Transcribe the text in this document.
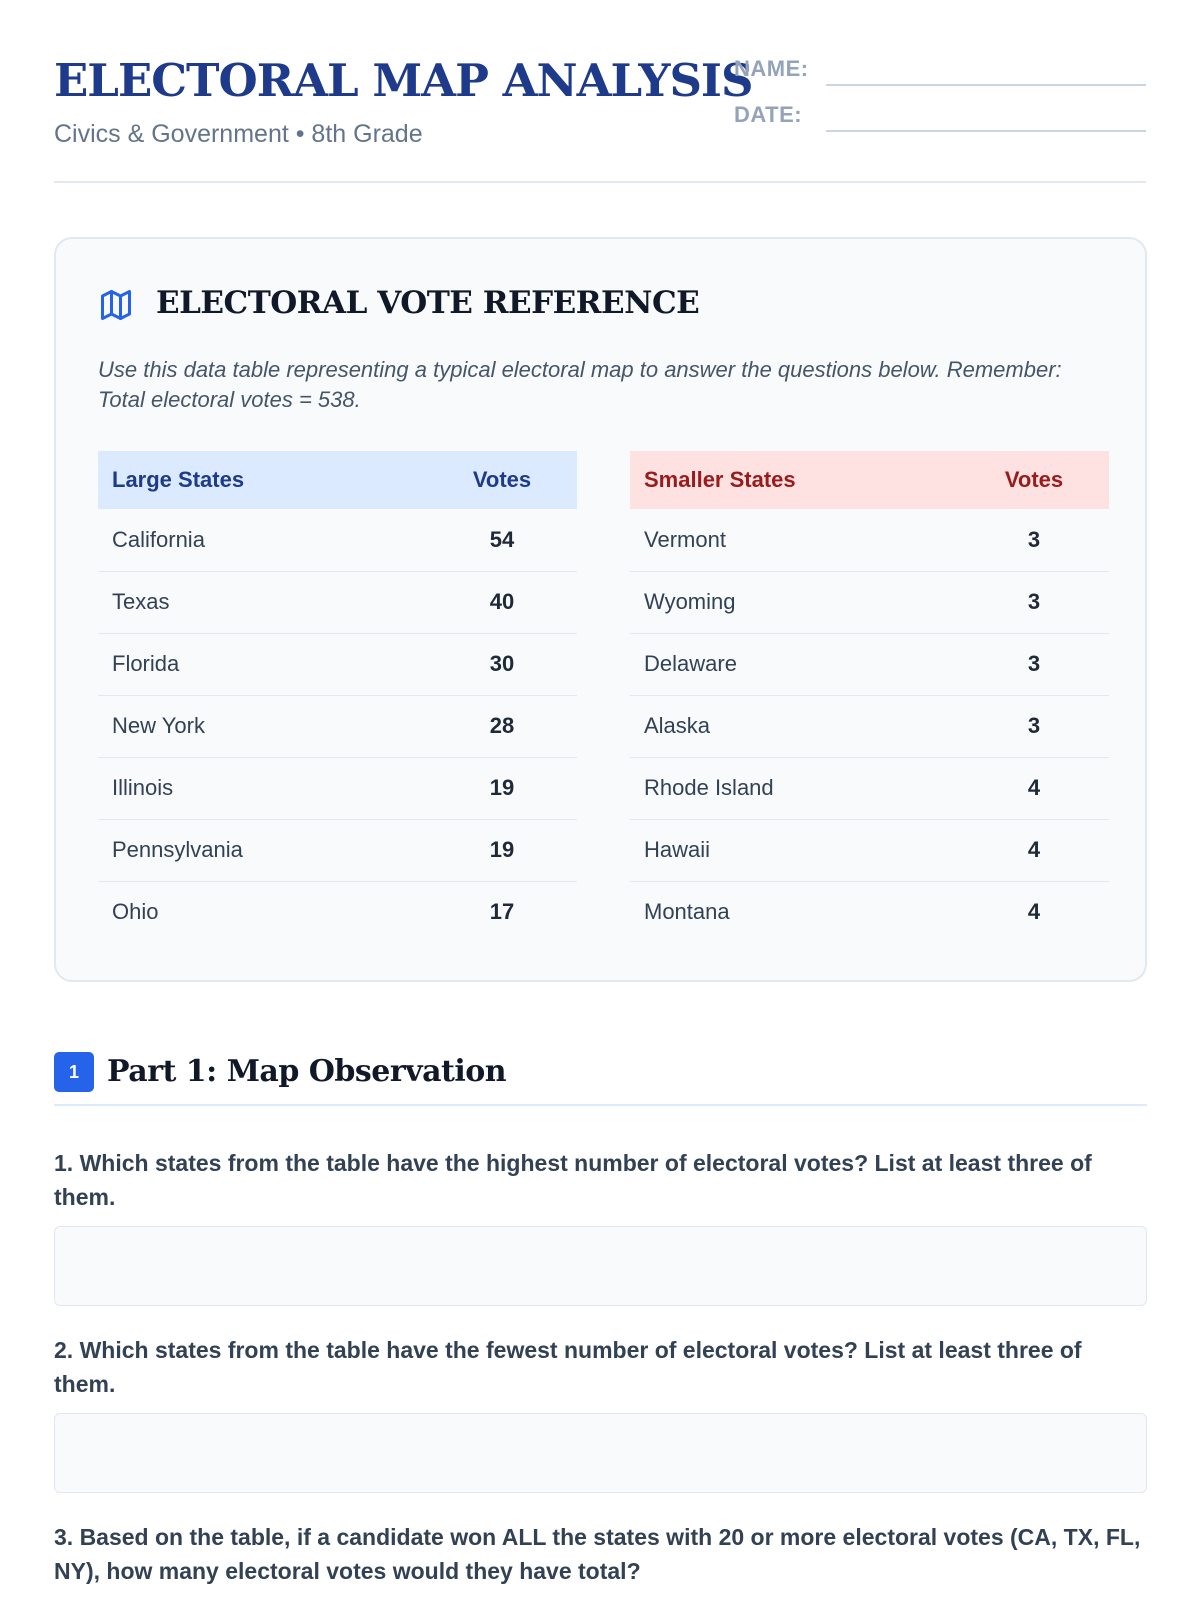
ELECTORAL MAP ANALYSIS
Civics & Government • 8th Grade
NAME:
DATE:
ELECTORAL VOTE REFERENCE
Use this data table representing a typical electoral map to answer the questions below. Remember: Total electoral votes = 538.
Large States	Votes
California	54
Texas	40
Florida	30
New York	28
Illinois	19
Pennsylvania	19
Ohio	17
Smaller States	Votes
Vermont	3
Wyoming	3
Delaware	3
Alaska	3
Rhode Island	4
Hawaii	4
Montana	4
1 Part 1: Map Observation
1. Which states from the table have the highest number of electoral votes? List at least three of them.
2. Which states from the table have the fewest number of electoral votes? List at least three of them.
3. Based on the table, if a candidate won ALL the states with 20 or more electoral votes (CA, TX, FL, NY), how many electoral votes would they have total?
